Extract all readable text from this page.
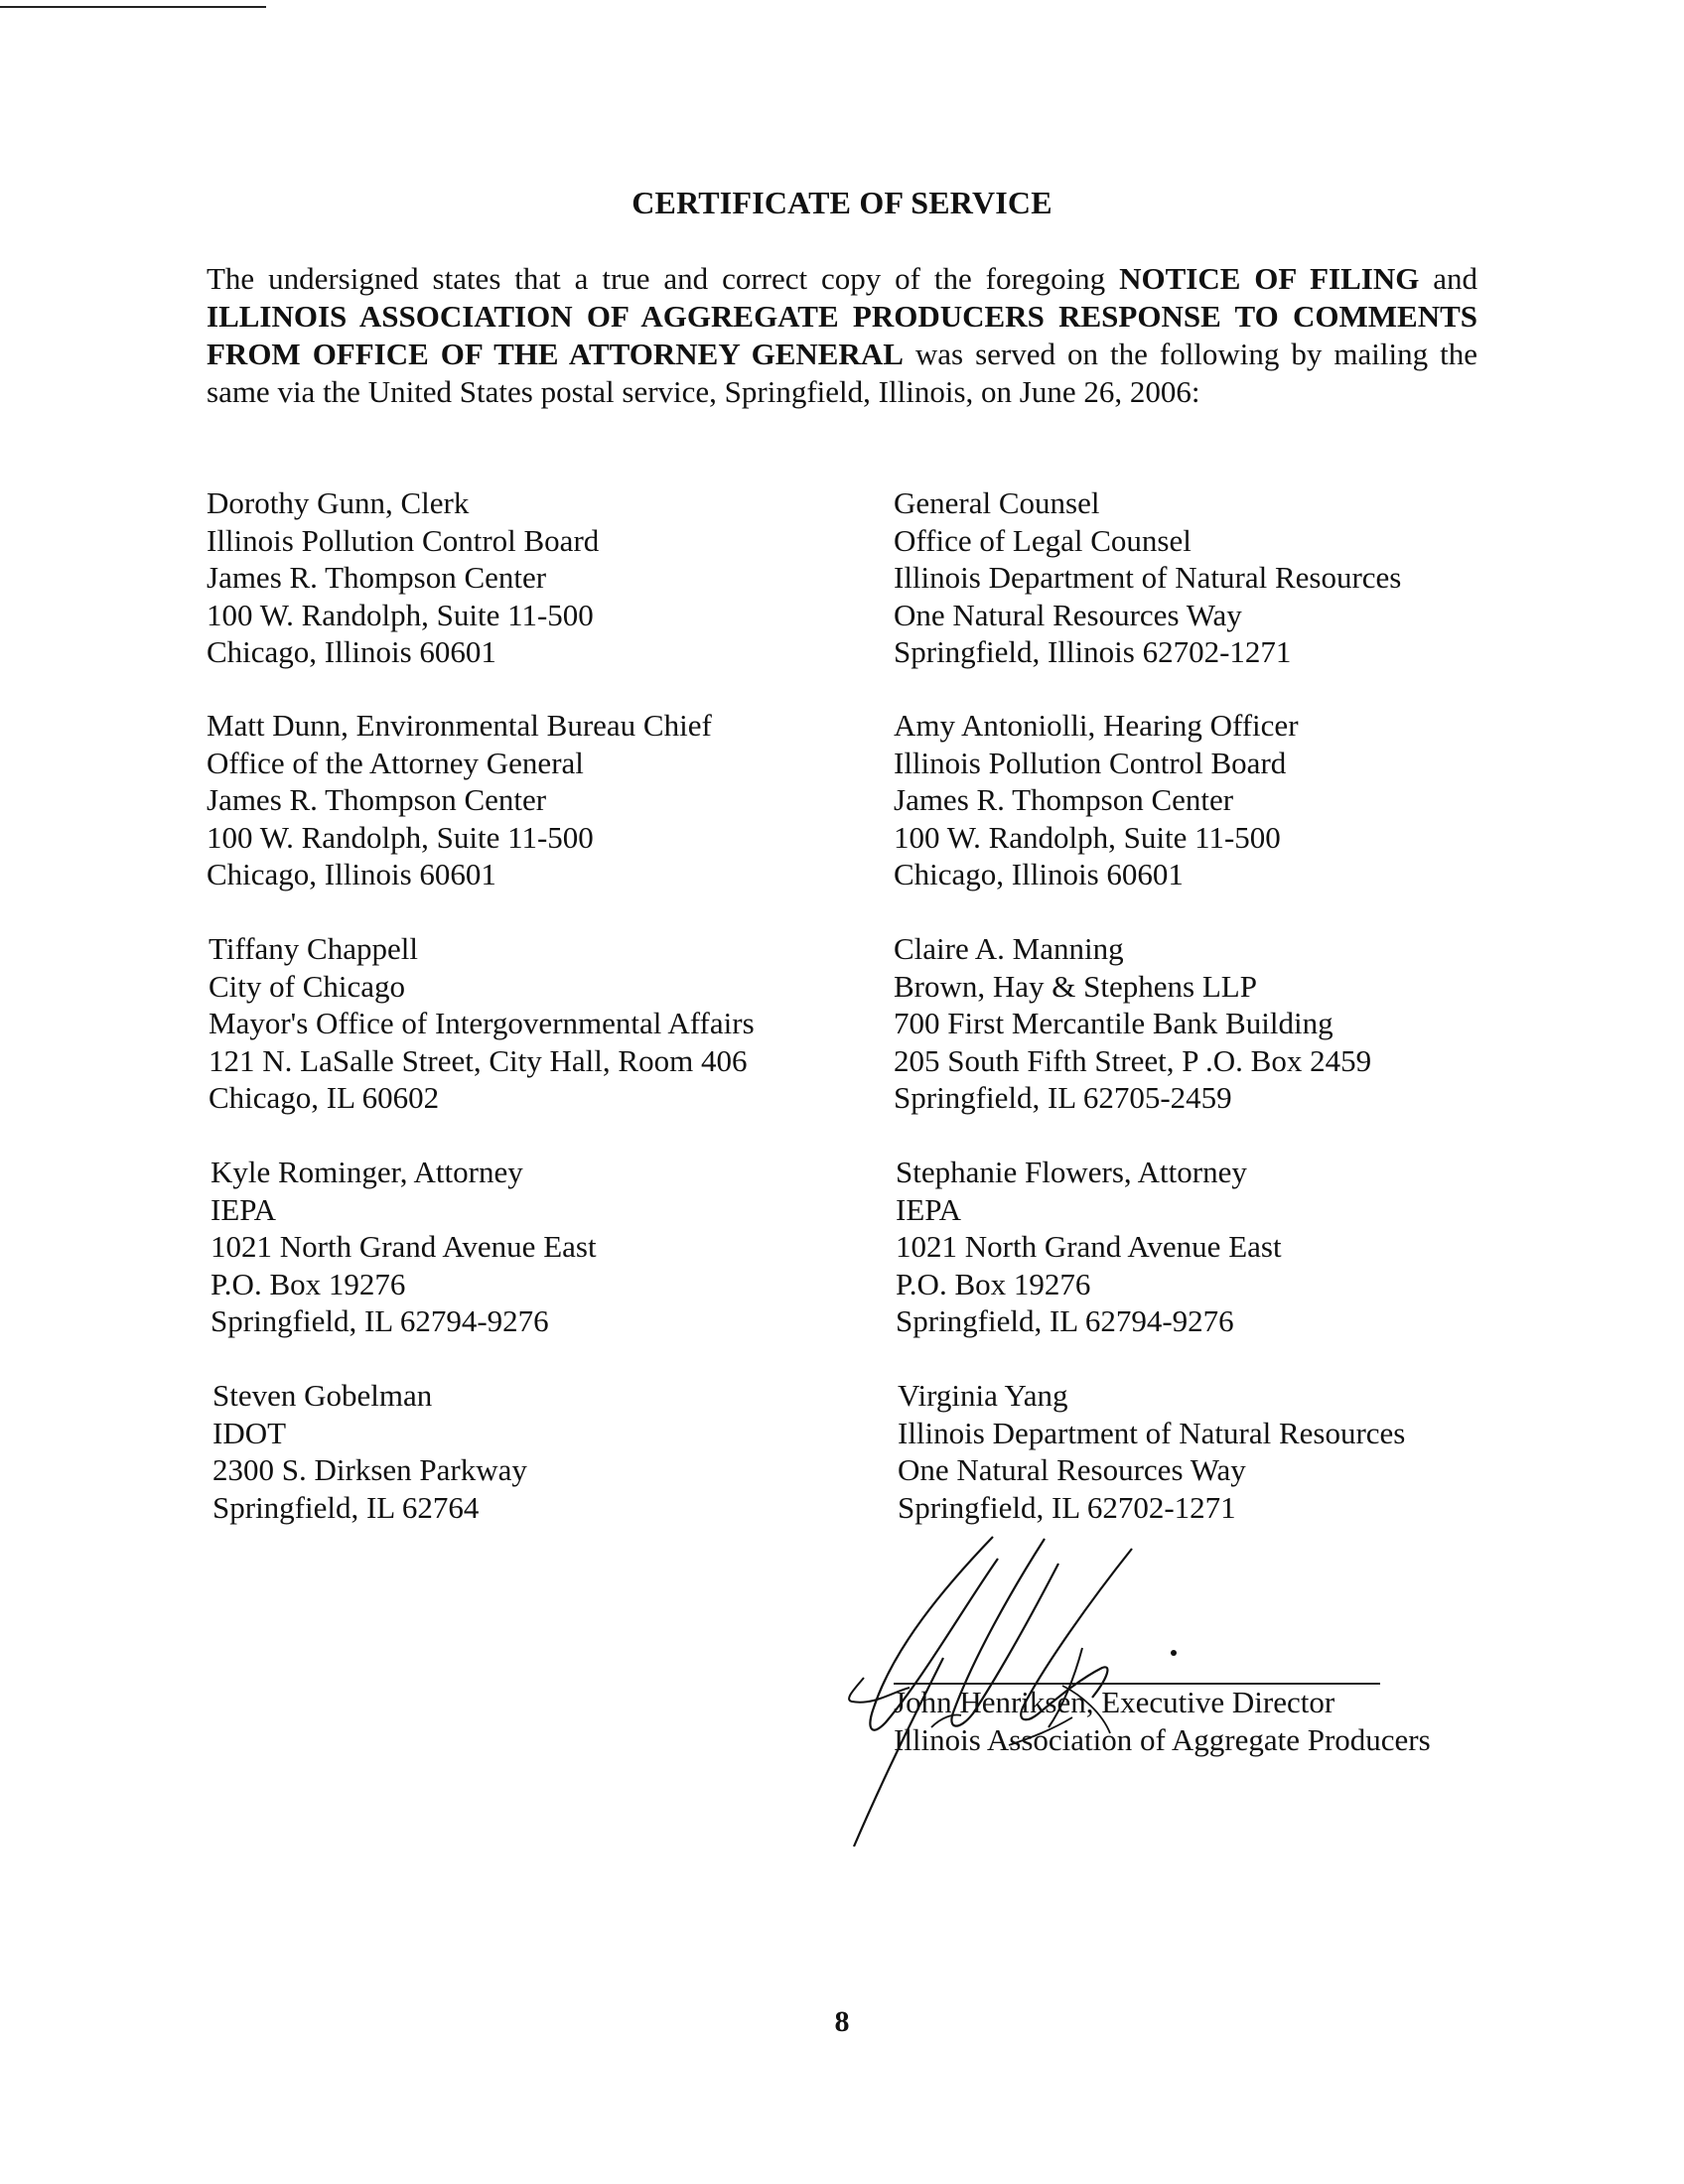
CERTIFICATE OF SERVICE
The undersigned states that a true and correct copy of the foregoing NOTICE OF FILING and ILLINOIS ASSOCIATION OF AGGREGATE PRODUCERS RESPONSE TO COMMENTS FROM OFFICE OF THE ATTORNEY GENERAL was served on the following by mailing the same via the United States postal service, Springfield, Illinois, on June 26, 2006:
Dorothy Gunn, Clerk
Illinois Pollution Control Board
James R. Thompson Center
100 W. Randolph, Suite 11-500
Chicago, Illinois 60601
Matt Dunn, Environmental Bureau Chief
Office of the Attorney General
James R. Thompson Center
100 W. Randolph, Suite 11-500
Chicago, Illinois 60601
Tiffany Chappell
City of Chicago
Mayor's Office of Intergovernmental Affairs
121 N. LaSalle Street, City Hall, Room 406
Chicago, IL 60602
Kyle Rominger, Attorney
IEPA
1021 North Grand Avenue East
P.O. Box 19276
Springfield, IL 62794-9276
Steven Gobelman
IDOT
2300 S. Dirksen Parkway
Springfield, IL 62764
General Counsel
Office of Legal Counsel
Illinois Department of Natural Resources
One Natural Resources Way
Springfield, Illinois 62702-1271
Amy Antoniolli, Hearing Officer
Illinois Pollution Control Board
James R. Thompson Center
100 W. Randolph, Suite 11-500
Chicago, Illinois 60601
Claire A. Manning
Brown, Hay & Stephens LLP
700 First Mercantile Bank Building
205 South Fifth Street, P .O. Box 2459
Springfield, IL 62705-2459
Stephanie Flowers, Attorney
IEPA
1021 North Grand Avenue East
P.O. Box 19276
Springfield, IL 62794-9276
Virginia Yang
Illinois Department of Natural Resources
One Natural Resources Way
Springfield, IL 62702-1271
John Henriksen, Executive Director
Illinois Association of Aggregate Producers
8
